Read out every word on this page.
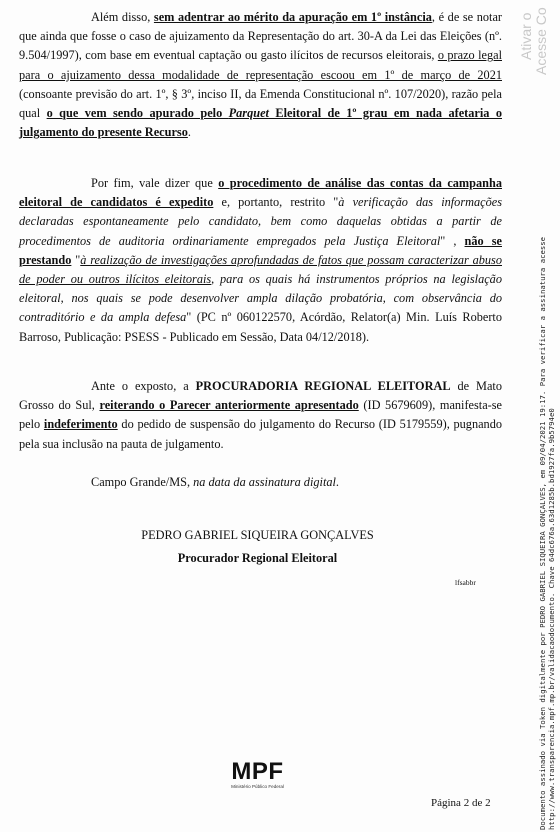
Além disso, sem adentrar ao mérito da apuração em 1º instância, é de se notar que ainda que fosse o caso de ajuizamento da Representação do art. 30-A da Lei das Eleições (nº. 9.504/1997), com base em eventual captação ou gasto ilícitos de recursos eleitorais, o prazo legal para o ajuizamento dessa modalidade de representação escoou em 1º de março de 2021 (consoante previsão do art. 1º, § 3º, inciso II, da Emenda Constitucional nº. 107/2020), razão pela qual o que vem sendo apurado pelo Parquet Eleitoral de 1º grau em nada afetaria o julgamento do presente Recurso.

Por fim, vale dizer que o procedimento de análise das contas da campanha eleitoral de candidatos é expedito e, portanto, restrito "à verificação das informações declaradas espontaneamente pelo candidato, bem como daquelas obtidas a partir de procedimentos de auditoria ordinariamente empregados pela Justiça Eleitoral" , não se prestando "à realização de investigações aprofundadas de fatos que possam caracterizar abuso de poder ou outros ilícitos eleitorais, para os quais há instrumentos próprios na legislação eleitoral, nos quais se pode desenvolver ampla dilação probatória, com observância do contraditório e da ampla defesa" (PC nº 060122570, Acórdão, Relator(a) Min. Luís Roberto Barroso, Publicação: PSESS - Publicado em Sessão, Data 04/12/2018).

Ante o exposto, a PROCURADORIA REGIONAL ELEITORAL de Mato Grosso do Sul, reiterando o Parecer anteriormente apresentado (ID 5679609), manifesta-se pelo indeferimento do pedido de suspensão do julgamento do Recurso (ID 5179559), pugnando pela sua inclusão na pauta de julgamento.

Campo Grande/MS, na data da assinatura digital.

PEDRO GABRIEL SIQUEIRA GONÇALVES
Procurador Regional Eleitoral
lfsabbr
MPF
Ministério Público Federal
Página 2 de 2
Ativar o Acesse Co
Documento assinado via Token digitalmente por PEDRO GABRIEL SIQUEIRA GONÇALVES, em 09/04/2021 19:17. Para verificar a assinatura acesse http://www.transparencia.mpf.mp.br/validacaodocumento. Chave 64dc676a.63d1285b.bd1927fa.9b5794e0
